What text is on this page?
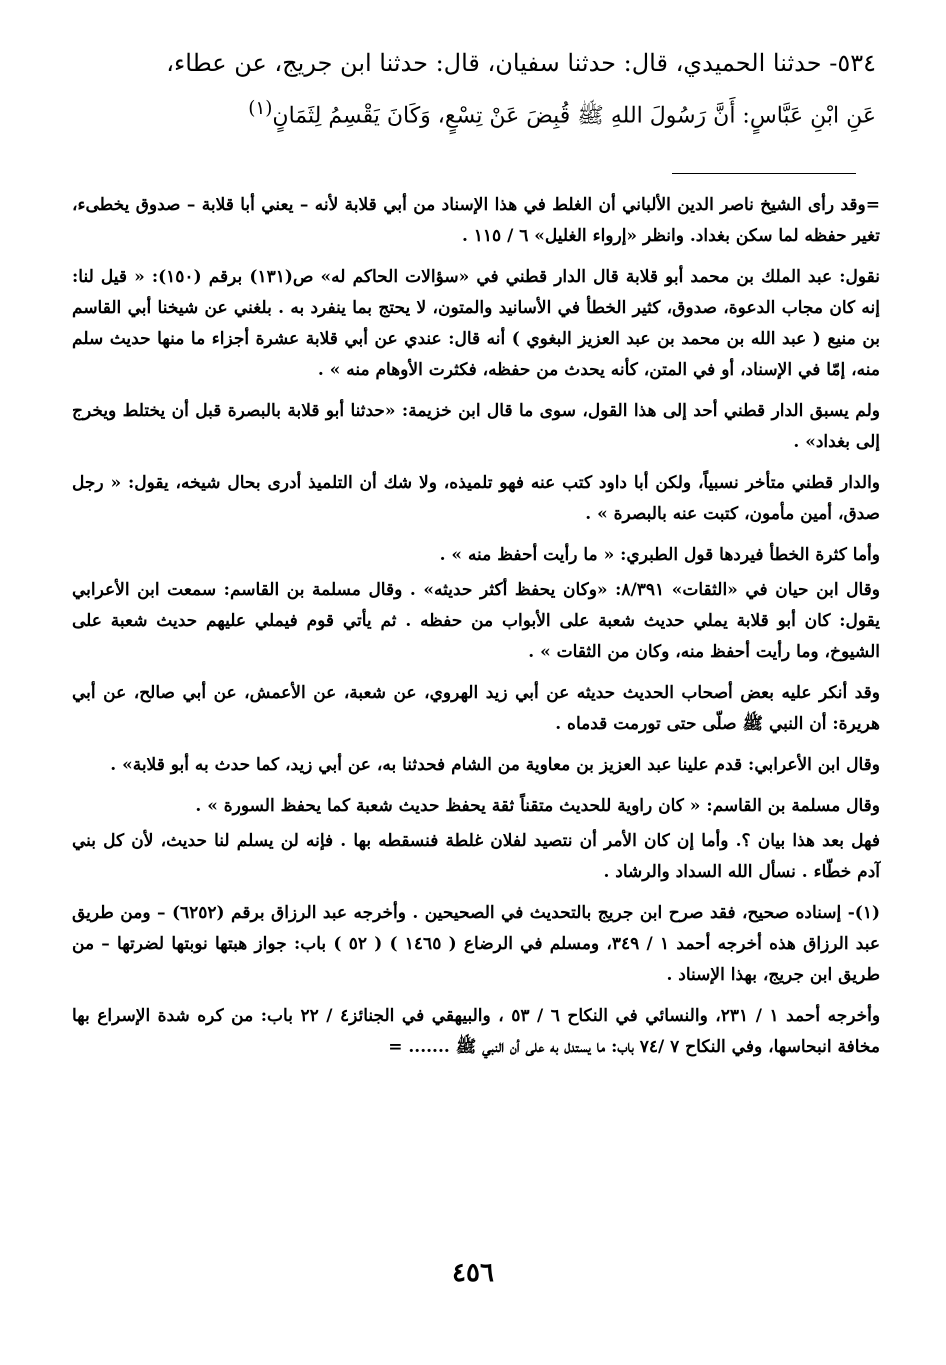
٥٣٤- حدثنا الحميدي، قال: حدثنا سفيان، قال: حدثنا ابن جريج، عن عطاء،

عَنِ ابْنِ عَبَّاسٍ: أَنَّ رَسُولَ اللهِ ﷺ قُبِضَ عَنْ تِسْعٍ، وَكَانَ يَقْسِمُ لِثَمَانٍ$^{(١)}$

=وقد رأى الشيخ ناصر الدين الألباني أن الغلط في هذا الإسناد من أبي قلابة لأنه – يعني أبا قلابة – صدوق يخطىء، تغير حفظه لما سكن بغداد. وانظر «إرواء الغليل» ٦ / ١١٥ .

نقول: عبد الملك بن محمد أبو قلابة قال الدار قطني في «سؤالات الحاكم له» ص(١٣١) برقم (١٥٠): « قيل لنا: إنه كان مجاب الدعوة، صدوق، كثير الخطأ في الأسانيد والمتون، لا يحتج بما ينفرد به . بلغني عن شيخنا أبي القاسم بن منيع ( عبد الله بن محمد بن عبد العزيز البغوي ) أنه قال: عندي عن أبي قلابة عشرة أجزاء ما منها حديث سلم منه، إمّا في الإسناد، أو في المتن، كأنه يحدث من حفظه، فكثرت الأوهام منه » .

ولم يسبق الدار قطني أحد إلى هذا القول، سوى ما قال ابن خزيمة: «حدثنا أبو قلابة بالبصرة قبل أن يختلط ويخرج إلى بغداد» .

والدار قطني متأخر نسبياً، ولكن أبا داود كتب عنه فهو تلميذه، ولا شك أن التلميذ أدرى بحال شيخه، يقول: « رجل صدق، أمين مأمون، كتبت عنه بالبصرة » .

وأما كثرة الخطأ فيردها قول الطبري: « ما رأيت أحفظ منه » .

وقال ابن حيان في «الثقات» ٨/٣٩١: «وكان يحفظ أكثر حديثه» . وقال مسلمة بن القاسم: سمعت ابن الأعرابي يقول: كان أبو قلابة يملي حديث شعبة على الأبواب من حفظه . ثم يأتي قوم فيملي عليهم حديث شعبة على الشيوخ، وما رأيت أحفظ منه، وكان من الثقات » .

وقد أنكر عليه بعض أصحاب الحديث حديثه عن أبي زيد الهروي، عن شعبة، عن الأعمش، عن أبي صالح، عن أبي هريرة: أن النبي ﷺ صلّى حتى تورمت قدماه .

وقال ابن الأعرابي: قدم علينا عبد العزيز بن معاوية من الشام فحدثنا به، عن أبي زيد، كما حدث به أبو قلابة» .

وقال مسلمة بن القاسم: « كان راوية للحديث متقناً ثقة يحفظ حديث شعبة كما يحفظ السورة » .

فهل بعد هذا بيان ؟. وأما إن كان الأمر أن نتصيد لفلان غلطة فنسقطه بها . فإنه لن يسلم لنا حديث، لأن كل بني آدم خطّاء . نسأل الله السداد والرشاد .

(١)- إسناده صحيح، فقد صرح ابن جريج بالتحديث في الصحيحين . وأخرجه عبد الرزاق برقم (٦٢٥٢) – ومن طريق عبد الرزاق هذه أخرجه أحمد ١ / ٣٤٩، ومسلم في الرضاع ( ١٤٦٥ ) ( ٥٢ ) باب: جواز هبتها نوبتها لضرتها – من طريق ابن جريج، بهذا الإسناد .

وأخرجه أحمد ١ / ٢٣١، والنسائي في النكاح ٦ / ٥٣ ، والبيهقي في الجنائز٤ / ٢٢ باب: من كره شدة الإسراع بها مخافة انبحاسها، وفي النكاح ٧ /٧٤ باب: ما يستدل به على أن النبي ﷺ ....... =

٤٥٦
